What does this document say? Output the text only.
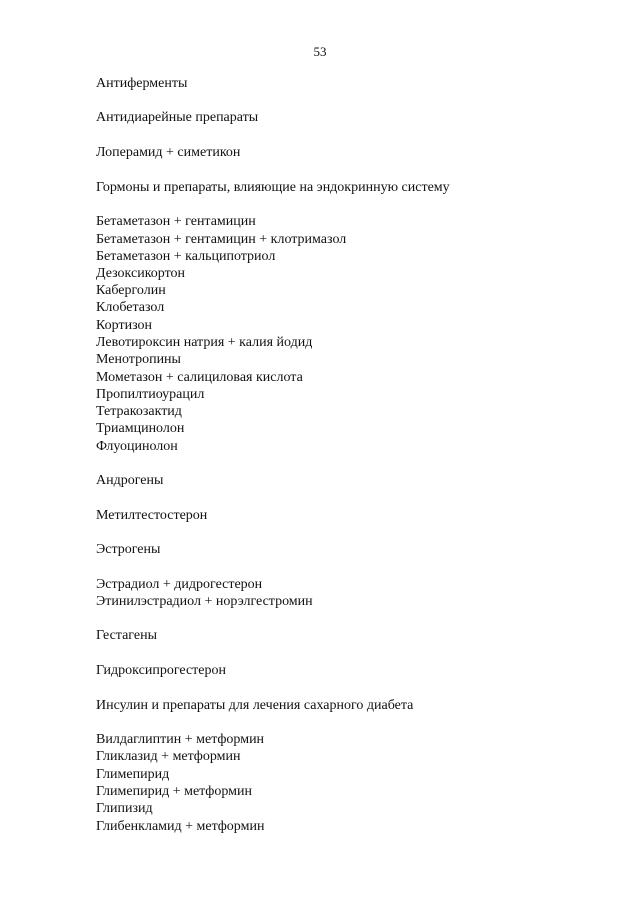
53
Антиферменты
Антидиарейные препараты
Лоперамид + симетикон
Гормоны и препараты, влияющие на эндокринную систему
Бетаметазон + гентамицин
Бетаметазон + гентамицин + клотримазол
Бетаметазон + кальципотриол
Дезоксикортон
Каберголин
Клобетазол
Кортизон
Левотироксин натрия + калия йодид
Менотропины
Мометазон + салициловая кислота
Пропилтиоурацил
Тетракозактид
Триамцинолон
Флуоцинолон
Андрогены
Метилтестостерон
Эстрогены
Эстрадиол + дидрогестерон
Этинилэстрадиол + норэлгестромин
Гестагены
Гидроксипрогестерон
Инсулин и препараты для лечения сахарного диабета
Вилдаглиптин + метформин
Гликлазид + метформин
Глимепирид
Глимепирид + метформин
Глипизид
Глибенкламид + метформин
